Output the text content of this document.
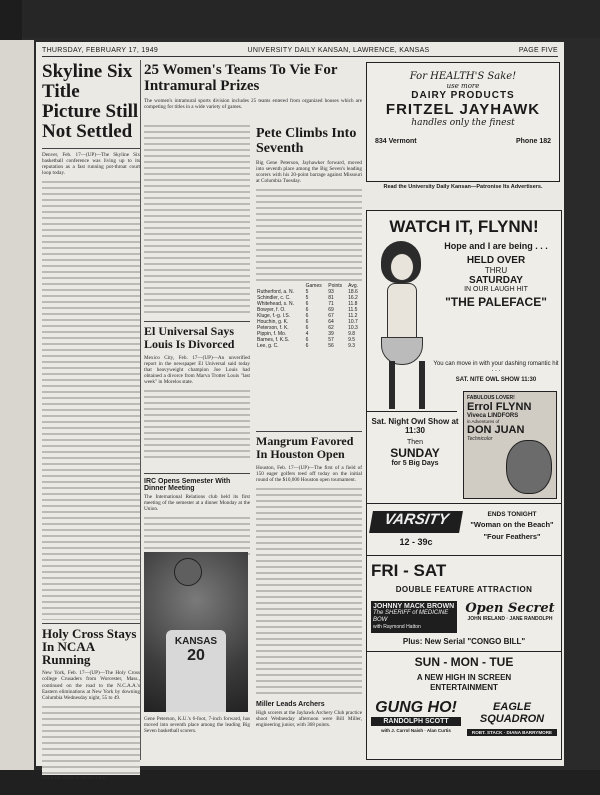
THURSDAY, FEBRUARY 17, 1949	UNIVERSITY DAILY KANSAN, LAWRENCE, KANSAS	PAGE FIVE
Skyline Six Title Picture Still Not Settled

Denver, Feb. 17—(UP)—The Skyline Six basketball conference was living up to its reputation as a fast running pot-throat court loop today.

Holy Cross Stays In NCAA Running

New York, Feb. 17—(UP)—The Holy Cross college Crusaders from Worcester, Mass., continued on the road to the N.C.A.A.'s Eastern eliminations at New York by downing Columbia Wednesday night, 55 to 49.

Read the Daily Kansan daily.

25 Women's Teams To Vie For Intramural Prizes

The women's intramural sports division includes 25 teams entered from organized houses which are competing for titles in a wide variety of games.

Pete Climbs Into Seventh

Big Gene Peterson, Jayhawker forward, moved into seventh place among the Big Seven's leading scorers with his 20-point barrage against Missouri at Columbia Tuesday.

	Games	Points	Avg.
Rutherford, a. N.	5	93	18.6
Schindler, c. C.	5	81	16.2
Whitehead, s. N.	6	71	11.8
Bowyer, f. O.	6	69	11.5
Kluge, f.-g. I.S.	6	67	11.2
Houchin, g. K.	6	64	10.7
Peterson, f. K.	6	62	10.3
Pippin, f. Mo.	4	39	9.8
Barnes, f. K.S.	6	57	9.5
Lee, g. C.	6	56	9.3
El Universal Says Louis Is Divorced

Mexico City, Feb. 17—(UP)—An unverified report in the newspaper El Universal said today that heavyweight champion Joe Louis had obtained a divorce from Marva Trotter Louis "last week" in Morelos state.

IRC Opens Semester With Dinner Meeting

The International Relations club held its first meeting of the semester at a dinner Monday at the Union.

Mangrum Favored In Houston Open

Houston, Feb. 17—(UP)—The first of a field of 150 eager golfers teed off today on the initial round of the $10,000 Houston open tournament.

Miller Leads Archers

High scorers at the Jayhawk Archery Club practice shoot Wednesday afternoon were Bill Miller, engineering junior, with 368 points.

KANSAS
20

Gene Peterson, K.U.'s 6-foot, 7-inch forward, has moved into seventh place among the leading Big Seven basketball scorers.

For HEALTH'S Sake!
use more
DAIRY PRODUCTS
FRITZEL JAYHAWK
handles only the finest
834 Vermont	Phone 182
Read the University Daily Kansan—Patronise Its Advertisers.
WATCH IT, FLYNN!
Hope and I are being . . .
HELD OVER
THRU
SATURDAY
IN OUR LAUGH HIT
"THE PALEFACE"
You can move in with your dashing romantic hit . . .
SAT. NITE OWL SHOW 11:30
FABULOUS LOVER!
Errol FLYNN
Viveca LINDFORS
in Adventures of
DON JUAN
Technicolor
Sat. Night Owl Show at 11:30
Then
SUNDAY
for 5 Big Days
VARSITY
12 - 39c
ENDS TONIGHT
"Woman on the Beach"
"Four Feathers"
FRI - SAT
DOUBLE FEATURE ATTRACTION
JOHNNY MACK BROWN
The SHERIFF of MEDICINE BOW
with Raymond Hatton
Open Secret
JOHN IRELAND · JANE RANDOLPH
Plus: New Serial "CONGO BILL"
SUN - MON - TUE
A NEW HIGH IN SCREEN ENTERTAINMENT
GUNG HO!
RANDOLPH SCOTT
with J. Carrol Naish · Alan Curtis
EAGLE SQUADRON
ROBT. STACK · DIANA BARRYMORE
